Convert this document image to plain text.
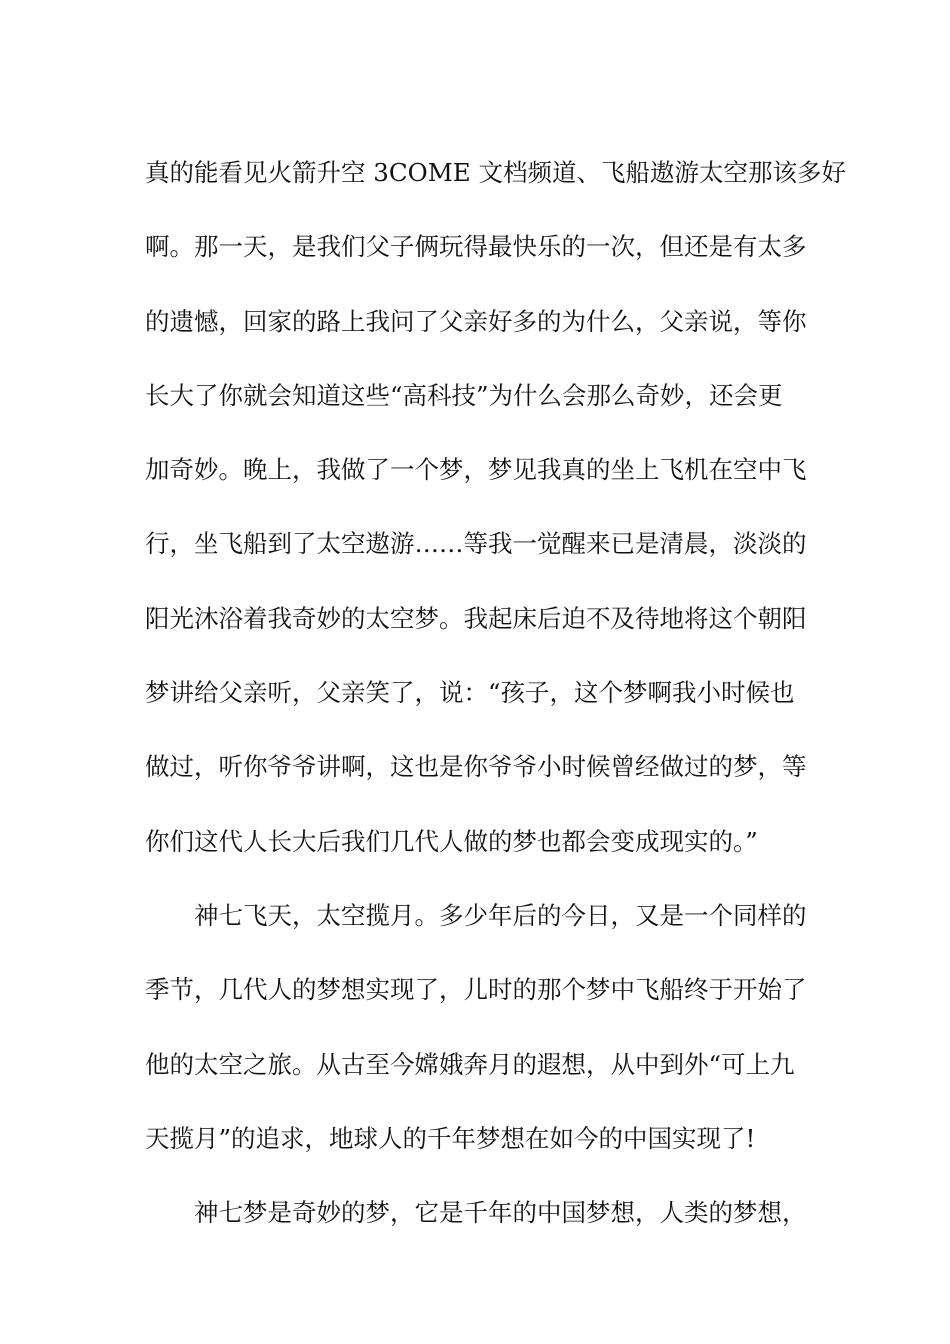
真的能看见火箭升空 3COME 文档频道、飞船遨游太空那该多好
啊。那一天，是我们父子俩玩得最快乐的一次，但还是有太多
的遗憾，回家的路上我问了父亲好多的为什么，父亲说，等你
长大了你就会知道这些“高科技”为什么会那么奇妙，还会更
加奇妙。晚上，我做了一个梦，梦见我真的坐上飞机在空中飞
行，坐飞船到了太空遨游……等我一觉醒来已是清晨，淡淡的
阳光沐浴着我奇妙的太空梦。我起床后迫不及待地将这个朝阳
梦讲给父亲听，父亲笑了，说：“孩子，这个梦啊我小时候也
做过，听你爷爷讲啊，这也是你爷爷小时候曾经做过的梦，等
你们这代人长大后我们几代人做的梦也都会变成现实的。”
神七飞天，太空揽月。多少年后的今日，又是一个同样的
季节，几代人的梦想实现了，儿时的那个梦中飞船终于开始了
他的太空之旅。从古至今嫦娥奔月的遐想，从中到外“可上九
天揽月”的追求，地球人的千年梦想在如今的中国实现了!
神七梦是奇妙的梦，它是千年的中国梦想，人类的梦想，
